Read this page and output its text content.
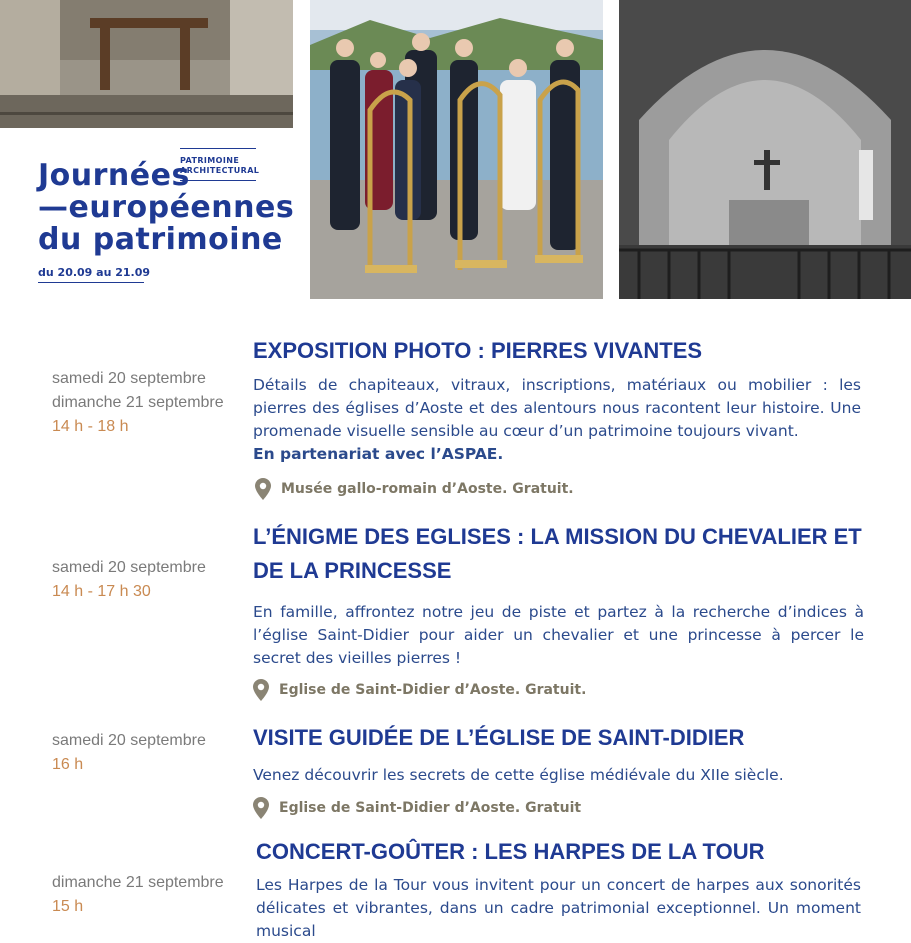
PATRIMOINE
ARCHITECTURAL
Journées
—européennes
du patrimoine
du 20.09 au 21.09
samedi 20 septembre
dimanche 21 septembre
14 h - 18 h
EXPOSITION PHOTO : PIERRES VIVANTES
Détails de chapiteaux, vitraux, inscriptions, matériaux ou mobilier : les pierres des églises d’Aoste et des alentours nous racontent leur histoire. Une promenade visuelle sensible au cœur d’un patrimoine toujours vivant.
En partenariat avec l’ASPAE.
Musée gallo-romain d’Aoste. Gratuit.
samedi 20 septembre
14 h - 17 h 30
L’ÉNIGME DES EGLISES : LA MISSION DU CHEVALIER ET DE LA PRINCESSE
En famille, affrontez notre jeu de piste et partez à la recherche d’indices à l’église Saint-Didier pour aider un chevalier et une princesse à percer le secret des vieilles pierres !
Eglise de Saint-Didier d’Aoste. Gratuit.
samedi 20 septembre
16 h
VISITE GUIDÉE DE L’ÉGLISE DE SAINT-DIDIER
Venez découvrir les secrets de cette église médiévale du XIIe siècle.
Eglise de Saint-Didier d’Aoste. Gratuit
dimanche 21 septembre
15 h
CONCERT-GOÛTER : LES HARPES DE LA TOUR
Les Harpes de la Tour vous invitent pour un concert de harpes aux sonorités délicates et vibrantes, dans un cadre patrimonial exceptionnel. Un moment musical
